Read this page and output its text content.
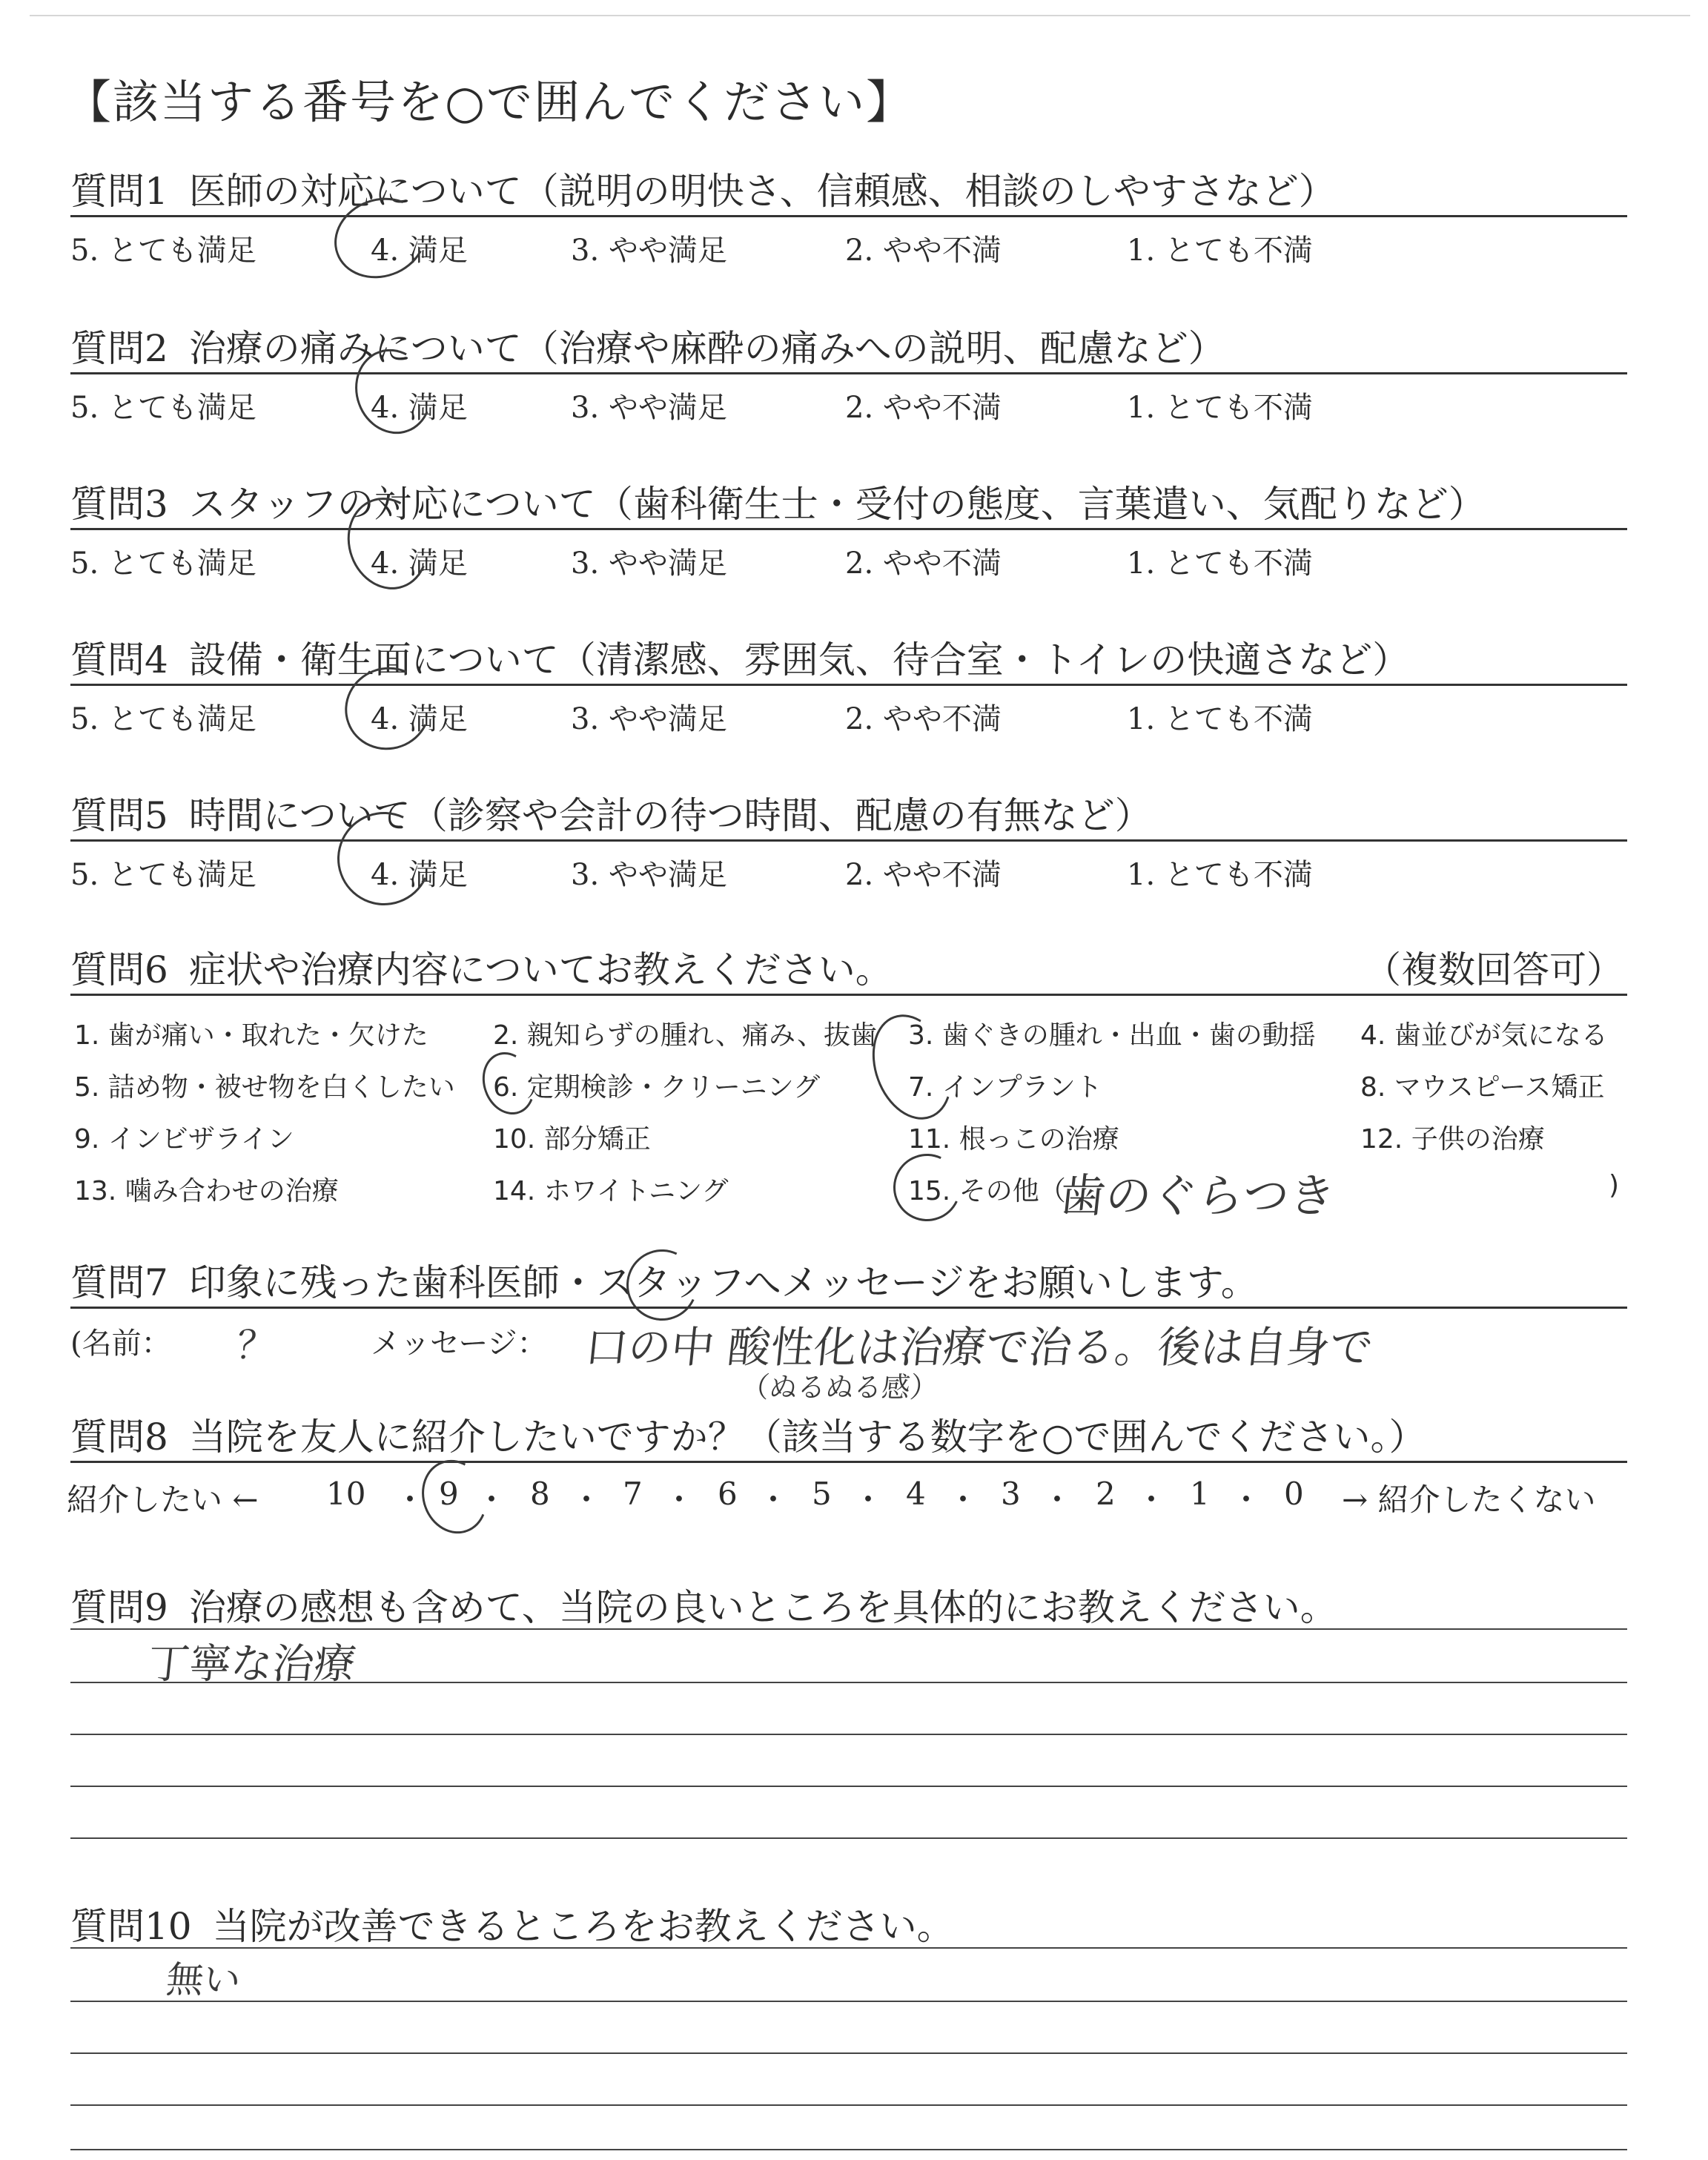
【該当する番号を○で囲んでください】
質問1 医師の対応について（説明の明快さ、信頼感、相談のしやすさなど）
5. とても満足	4. 満足	3. やや満足	2. やや不満	1. とても不満
質問2 治療の痛みについて（治療や麻酔の痛みへの説明、配慮など）
5. とても満足	4. 満足	3. やや満足	2. やや不満	1. とても不満
質問3 スタッフの対応について（歯科衛生士・受付の態度、言葉遣い、気配りなど）
5. とても満足	4. 満足	3. やや満足	2. やや不満	1. とても不満
質問4 設備・衛生面について（清潔感、雰囲気、待合室・トイレの快適さなど）
5. とても満足	4. 満足	3. やや満足	2. やや不満	1. とても不満
質問5 時間について（診察や会計の待つ時間、配慮の有無など）
5. とても満足	4. 満足	3. やや満足	2. やや不満	1. とても不満
質問6 症状や治療内容についてお教えください。	（複数回答可）
1. 歯が痛い・取れた・欠けた 2. 親知らずの腫れ、痛み、抜歯 3. 歯ぐきの腫れ・出血・歯の動揺 4. 歯並びが気になる
5. 詰め物・被せ物を白くしたい 6. 定期検診・クリーニング	7. インプラント	8. マウスピース矯正
9. インビザライン	10. 部分矯正	11. 根っこの治療	12. 子供の治療
13. 噛み合わせの治療	14. ホワイトニング	15. その他（	)
歯のぐらつき
質問7 印象に残った歯科医師・スタッフへメッセージをお願いします。
(名前： ？	メッセージ： 口の中 酸性化は治療で治る。後は自身で
（ぬるぬる感）
質問8 当院を友人に紹介したいですか？（該当する数字を○で囲んでください。）
紹介したい ← 10 ・ 9 ・ 8 ・ 7 ・ 6 ・ 5 ・ 4 ・ 3 ・ 2 ・ 1 ・ 0 → 紹介したくない
質問9 治療の感想も含めて、当院の良いところを具体的にお教えください。
丁寧な治療
質問10 当院が改善できるところをお教えください。
無い
